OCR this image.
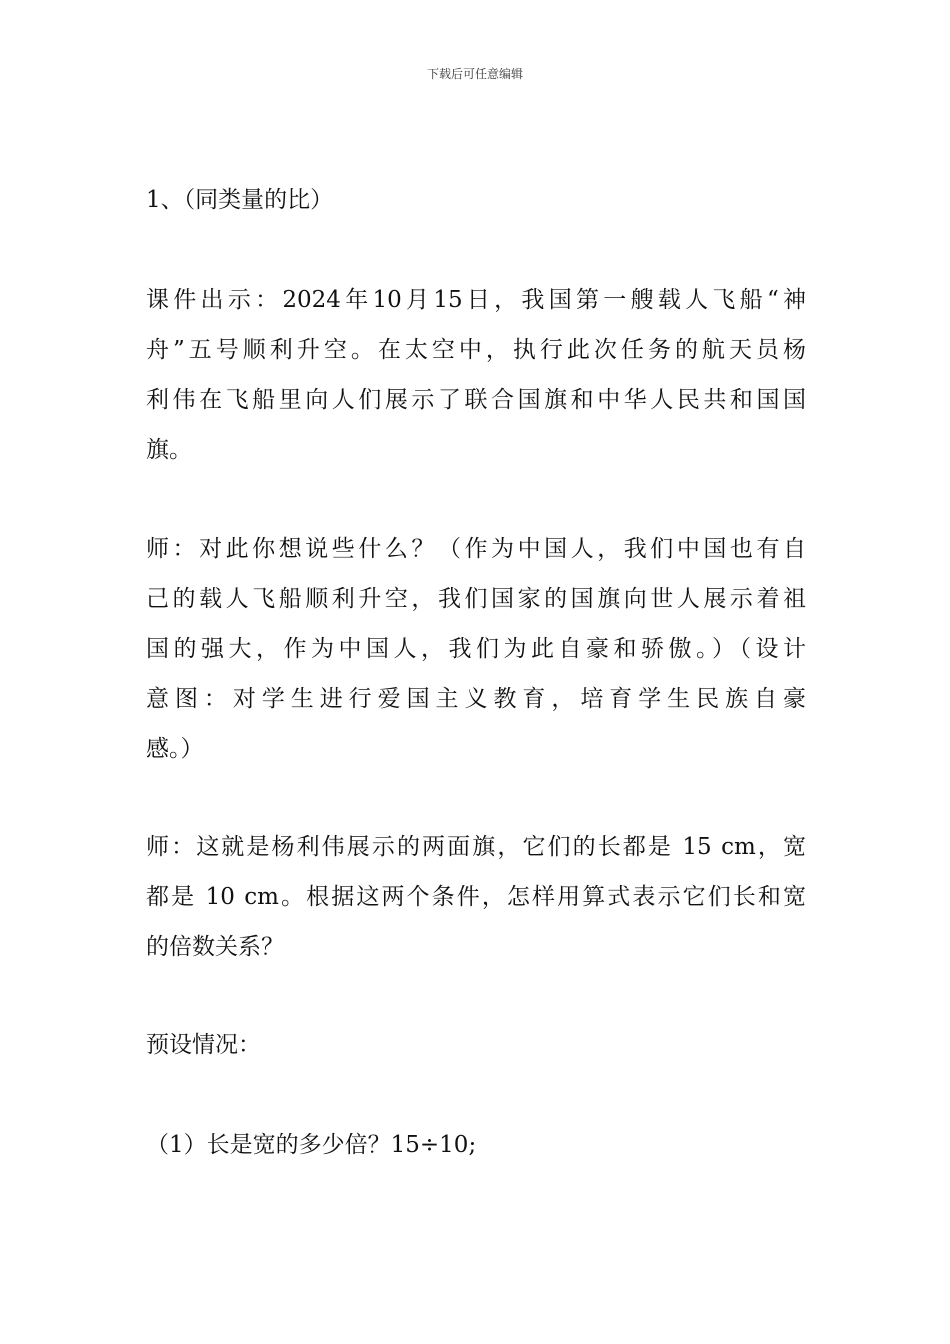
下载后可任意编辑

1、（同类量的比）

课件出示：2024年10月15日，我国第一艘载人飞船“神
舟”五号顺利升空。在太空中，执行此次任务的航天员杨
利伟在飞船里向人们展示了联合国旗和中华人民共和国国
旗。
师：对此你想说些什么？（作为中国人，我们中国也有自
己的载人飞船顺利升空，我们国家的国旗向世人展示着祖
国的强大，作为中国人，我们为此自豪和骄傲。）（设计
意图：对学生进行爱国主义教育，培育学生民族自豪
感。）
师：这就是杨利伟展示的两面旗，它们的长都是 15 cm，宽
都是 10 cm。根据这两个条件，怎样用算式表示它们长和宽
的倍数关系？

预设情况：

（1）长是宽的多少倍？15÷10;
